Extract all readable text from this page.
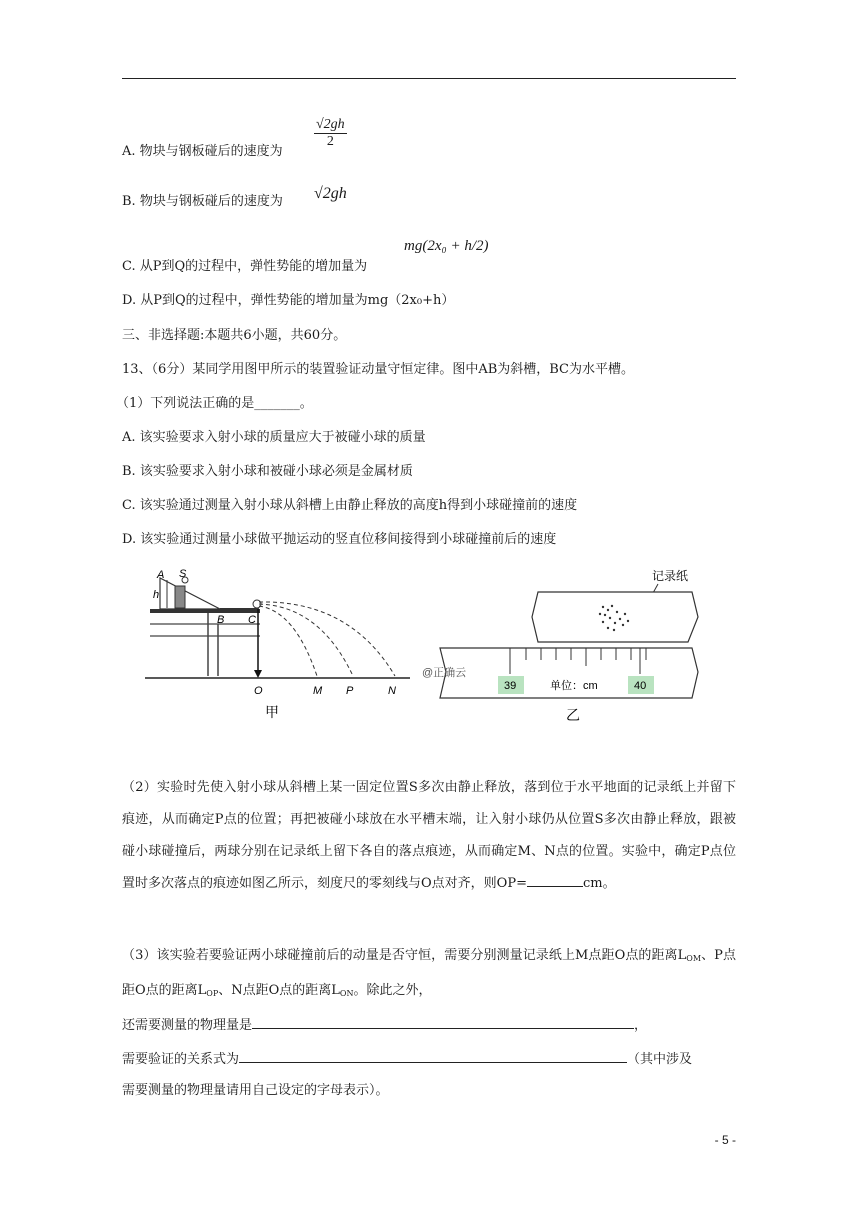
A. 物块与钢板碰后的速度为
$\frac{√2gh}{2}$
B. 物块与钢板碰后的速度为 √2gh
C. 从P到Q的过程中，弹性势能的增加量为
mg(2x₀ + h/2)
D. 从P到Q的过程中，弹性势能的增加量为mg（2x₀+h）
三、非选择题:本题共6小题，共60分。
13、（6分）某同学用图甲所示的装置验证动量守恒定律。图中AB为斜槽，BC为水平槽。
（1）下列说法正确的是_______。
A. 该实验要求入射小球的质量应大于被碰小球的质量
B. 该实验要求入射小球和被碰小球必须是金属材质
C. 该实验通过测量入射小球从斜槽上由静止释放的高度h得到小球碰撞前的速度
D. 该实验通过测量小球做平抛运动的竖直位移间接得到小球碰撞前后的速度
A S
h
B C
O	M P	N
甲
记录纸
39	单位：cm	40
@正确云
乙
（2）实验时先使入射小球从斜槽上某一固定位置S多次由静止释放，落到位于水平地面的记录纸上并留下痕迹，从而确定P点的位置；再把被碰小球放在水平槽末端，让入射小球仍从位置S多次由静止释放，跟被碰小球碰撞后，两球分别在记录纸上留下各自的落点痕迹，从而确定M、N点的位置。实验中，确定P点位置时多次落点的痕迹如图乙所示，刻度尺的零刻线与O点对齐，则OP=	cm。
（3）该实验若要验证两小球碰撞前后的动量是否守恒，需要分别测量记录纸上M点距O点的距离$L_{OM}$、P点距O点的距离$L_{OP}$、N点距O点的距离$L_{ON}$。除此之外，
还需要测量的物理量是	，
需要验证的关系式为	（其中涉及
需要测量的物理量请用自己设定的字母表示）。
- 5 -
